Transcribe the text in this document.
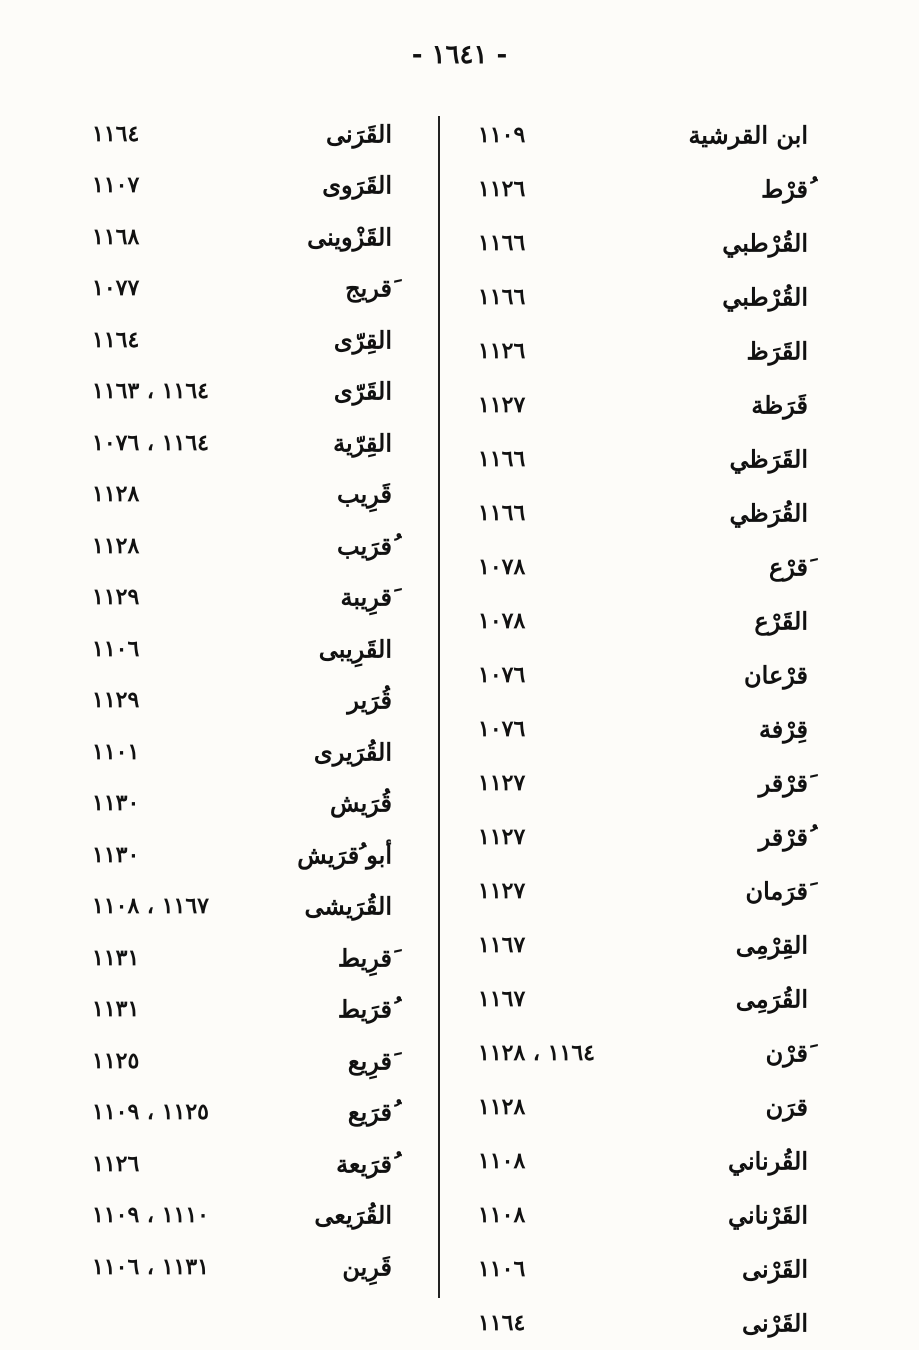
- ١٦٤١ -
ابن القرشية
١١٠٩
ُقرْط
١١٢٦
القُرْطبي
١١٦٦
القُرْطبي
١١٦٦
القَرَظ
١١٢٦
قَرَظة
١١٢٧
القَرَظي
١١٦٦
القُرَظي
١١٦٦
َقرْع
١٠٧٨
القَرْع
١٠٧٨
قرْعان
١٠٧٦
قِرْفة
١٠٧٦
َقرْقر
١١٢٧
ُقرْقر
١١٢٧
َقرَمان
١١٢٧
القِرْمِى
١١٦٧
القُرَمِى
١١٦٧
َقرْن
١١٦٤ ، ١١٢٨
قرَن
١١٢٨
القُرناني
١١٠٨
القَرْناني
١١٠٨
القَرْنى
١١٠٦
القَرْنى
١١٦٤
القَرَنى
١١٦٤
القَرَوى
١١٠٧
القَزْوينى
١١٦٨
َقريج
١٠٧٧
القِرّى
١١٦٤
القَرّى
١١٦٤ ، ١١٦٣
القِرّية
١١٦٤ ، ١٠٧٦
قَرِيب
١١٢٨
ُقرَيب
١١٢٨
َقرِيبة
١١٢٩
القَرِيبى
١١٠٦
قُرَير
١١٢٩
القُرَيرى
١١٠١
قُرَيش
١١٣٠
أبو ُقرَيش
١١٣٠
القُرَيشى
١١٦٧ ، ١١٠٨
َقرِيط
١١٣١
ُقرَيط
١١٣١
َقرِيع
١١٢٥
ُقرَيع
١١٢٥ ، ١١٠٩
ُقرَيعة
١١٢٦
القُرَيعى
١١١٠ ، ١١٠٩
قَرِين
١١٣١ ، ١١٠٦
